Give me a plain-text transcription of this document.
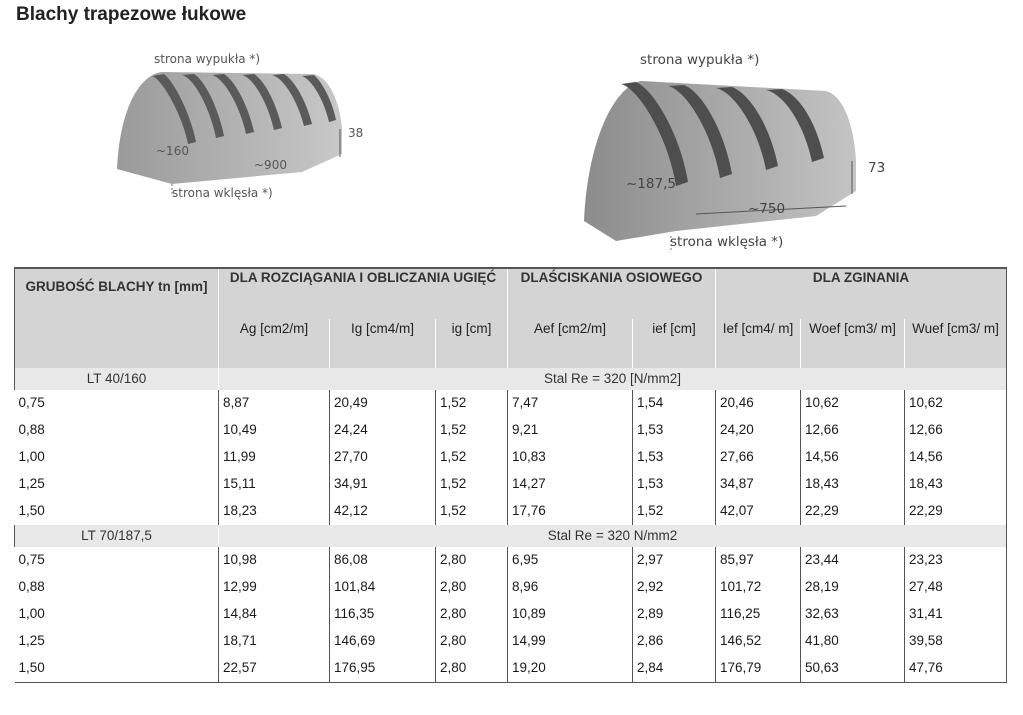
Blachy trapezowe łukowe
strona wypukła *)
strona wklęsła *)
~160
~900
38
strona wypukła *)
strona wklęsła *)
~187,5
~750
73
GRUBOŚĆ BLACHY tn [mm]	DLA ROZCIĄGANIA I OBLICZANIA UGIĘĆ			DLAŚCISKANIA OSIOWEGO		DLA ZGINANIA		
	Ag [cm2/m]	Ig [cm4/m]	ig [cm]	Aef [cm2/m]	ief [cm]	Ief [cm4/ m]	Woef [cm3/ m]	Wuef [cm3/ m]
LT 40/160	Stal Re = 320 [N/mm2]							
0,75	8,87	20,49	1,52	7,47	1,54	20,46	10,62	10,62
0,88	10,49	24,24	1,52	9,21	1,53	24,20	12,66	12,66
1,00	11,99	27,70	1,52	10,83	1,53	27,66	14,56	14,56
1,25	15,11	34,91	1,52	14,27	1,53	34,87	18,43	18,43
1,50	18,23	42,12	1,52	17,76	1,52	42,07	22,29	22,29
LT 70/187,5	Stal Re = 320 N/mm2							
0,75	10,98	86,08	2,80	6,95	2,97	85,97	23,44	23,23
0,88	12,99	101,84	2,80	8,96	2,92	101,72	28,19	27,48
1,00	14,84	116,35	2,80	10,89	2,89	116,25	32,63	31,41
1,25	18,71	146,69	2,80	14,99	2,86	146,52	41,80	39,58
1,50	22,57	176,95	2,80	19,20	2,84	176,79	50,63	47,76
